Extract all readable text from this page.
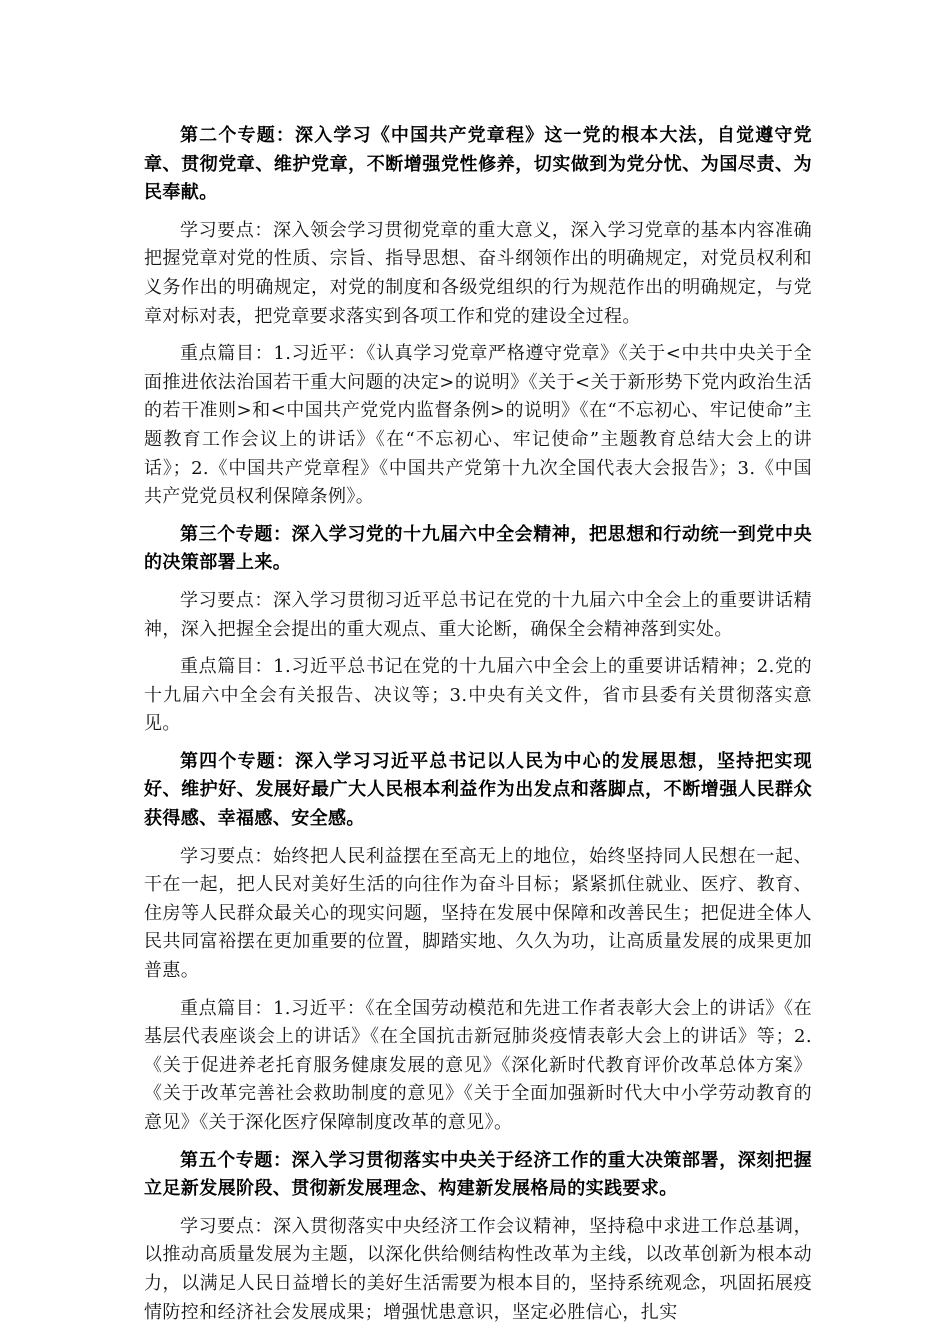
第二个专题：深入学习《中国共产党章程》这一党的根本大法，自觉遵守党章、贯彻党章、维护党章，不断增强党性修养，切实做到为党分忧、为国尽责、为民奉献。

学习要点：深入领会学习贯彻党章的重大意义，深入学习党章的基本内容准确把握党章对党的性质、宗旨、指导思想、奋斗纲领作出的明确规定，对党员权利和义务作出的明确规定，对党的制度和各级党组织的行为规范作出的明确规定，与党章对标对表，把党章要求落实到各项工作和党的建设全过程。

重点篇目：1.习近平：《认真学习党章严格遵守党章》《关于<中共中央关于全面推进依法治国若干重大问题的决定>的说明》《关于<关于新形势下党内政治生活的若干准则>和<中国共产党党内监督条例>的说明》《在“不忘初心、牢记使命”主题教育工作会议上的讲话》《在“不忘初心、牢记使命”主题教育总结大会上的讲话》；2.《中国共产党章程》《中国共产党第十九次全国代表大会报告》；3.《中国共产党党员权利保障条例》。

第三个专题：深入学习党的十九届六中全会精神，把思想和行动统一到党中央的决策部署上来。

学习要点：深入学习贯彻习近平总书记在党的十九届六中全会上的重要讲话精神，深入把握全会提出的重大观点、重大论断，确保全会精神落到实处。

重点篇目：1.习近平总书记在党的十九届六中全会上的重要讲话精神；2.党的十九届六中全会有关报告、决议等；3.中央有关文件，省市县委有关贯彻落实意见。

第四个专题：深入学习习近平总书记以人民为中心的发展思想，坚持把实现好、维护好、发展好最广大人民根本利益作为出发点和落脚点，不断增强人民群众获得感、幸福感、安全感。

学习要点：始终把人民利益摆在至高无上的地位，始终坚持同人民想在一起、干在一起，把人民对美好生活的向往作为奋斗目标；紧紧抓住就业、医疗、教育、住房等人民群众最关心的现实问题，坚持在发展中保障和改善民生；把促进全体人民共同富裕摆在更加重要的位置，脚踏实地、久久为功，让高质量发展的成果更加普惠。

重点篇目：1.习近平：《在全国劳动模范和先进工作者表彰大会上的讲话》《在基层代表座谈会上的讲话》《在全国抗击新冠肺炎疫情表彰大会上的讲话》等；2.《关于促进养老托育服务健康发展的意见》《深化新时代教育评价改革总体方案》《关于改革完善社会救助制度的意见》《关于全面加强新时代大中小学劳动教育的意见》《关于深化医疗保障制度改革的意见》。

第五个专题：深入学习贯彻落实中央关于经济工作的重大决策部署，深刻把握立足新发展阶段、贯彻新发展理念、构建新发展格局的实践要求。

学习要点：深入贯彻落实中央经济工作会议精神，坚持稳中求进工作总基调，以推动高质量发展为主题，以深化供给侧结构性改革为主线，以改革创新为根本动力，以满足人民日益增长的美好生活需要为根本目的，坚持系统观念，巩固拓展疫情防控和经济社会发展成果；增强忧患意识，坚定必胜信心，扎实
